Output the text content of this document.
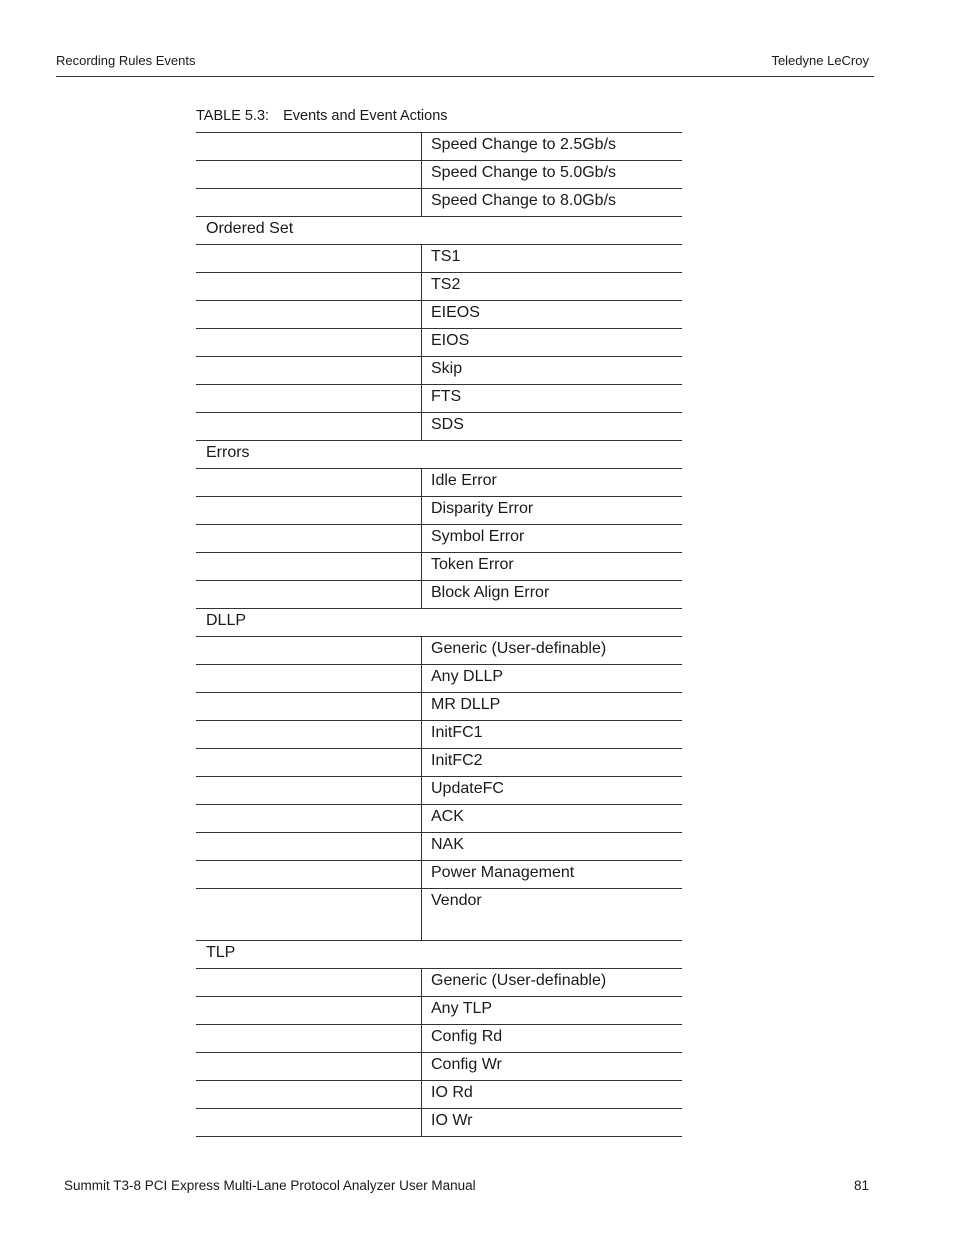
Recording Rules Events	Teledyne LeCroy
TABLE 5.3: Events and Event Actions
Speed Change to 2.5Gb/s
Speed Change to 5.0Gb/s
Speed Change to 8.0Gb/s
Ordered Set
TS1
TS2
EIEOS
EIOS
Skip
FTS
SDS
Errors
Idle Error
Disparity Error
Symbol Error
Token Error
Block Align Error
DLLP
Generic (User-definable)
Any DLLP
MR DLLP
InitFC1
InitFC2
UpdateFC
ACK
NAK
Power Management
Vendor
TLP
Generic (User-definable)
Any TLP
Config Rd
Config Wr
IO Rd
IO Wr
Summit T3-8 PCI Express Multi-Lane Protocol Analyzer User Manual	81
